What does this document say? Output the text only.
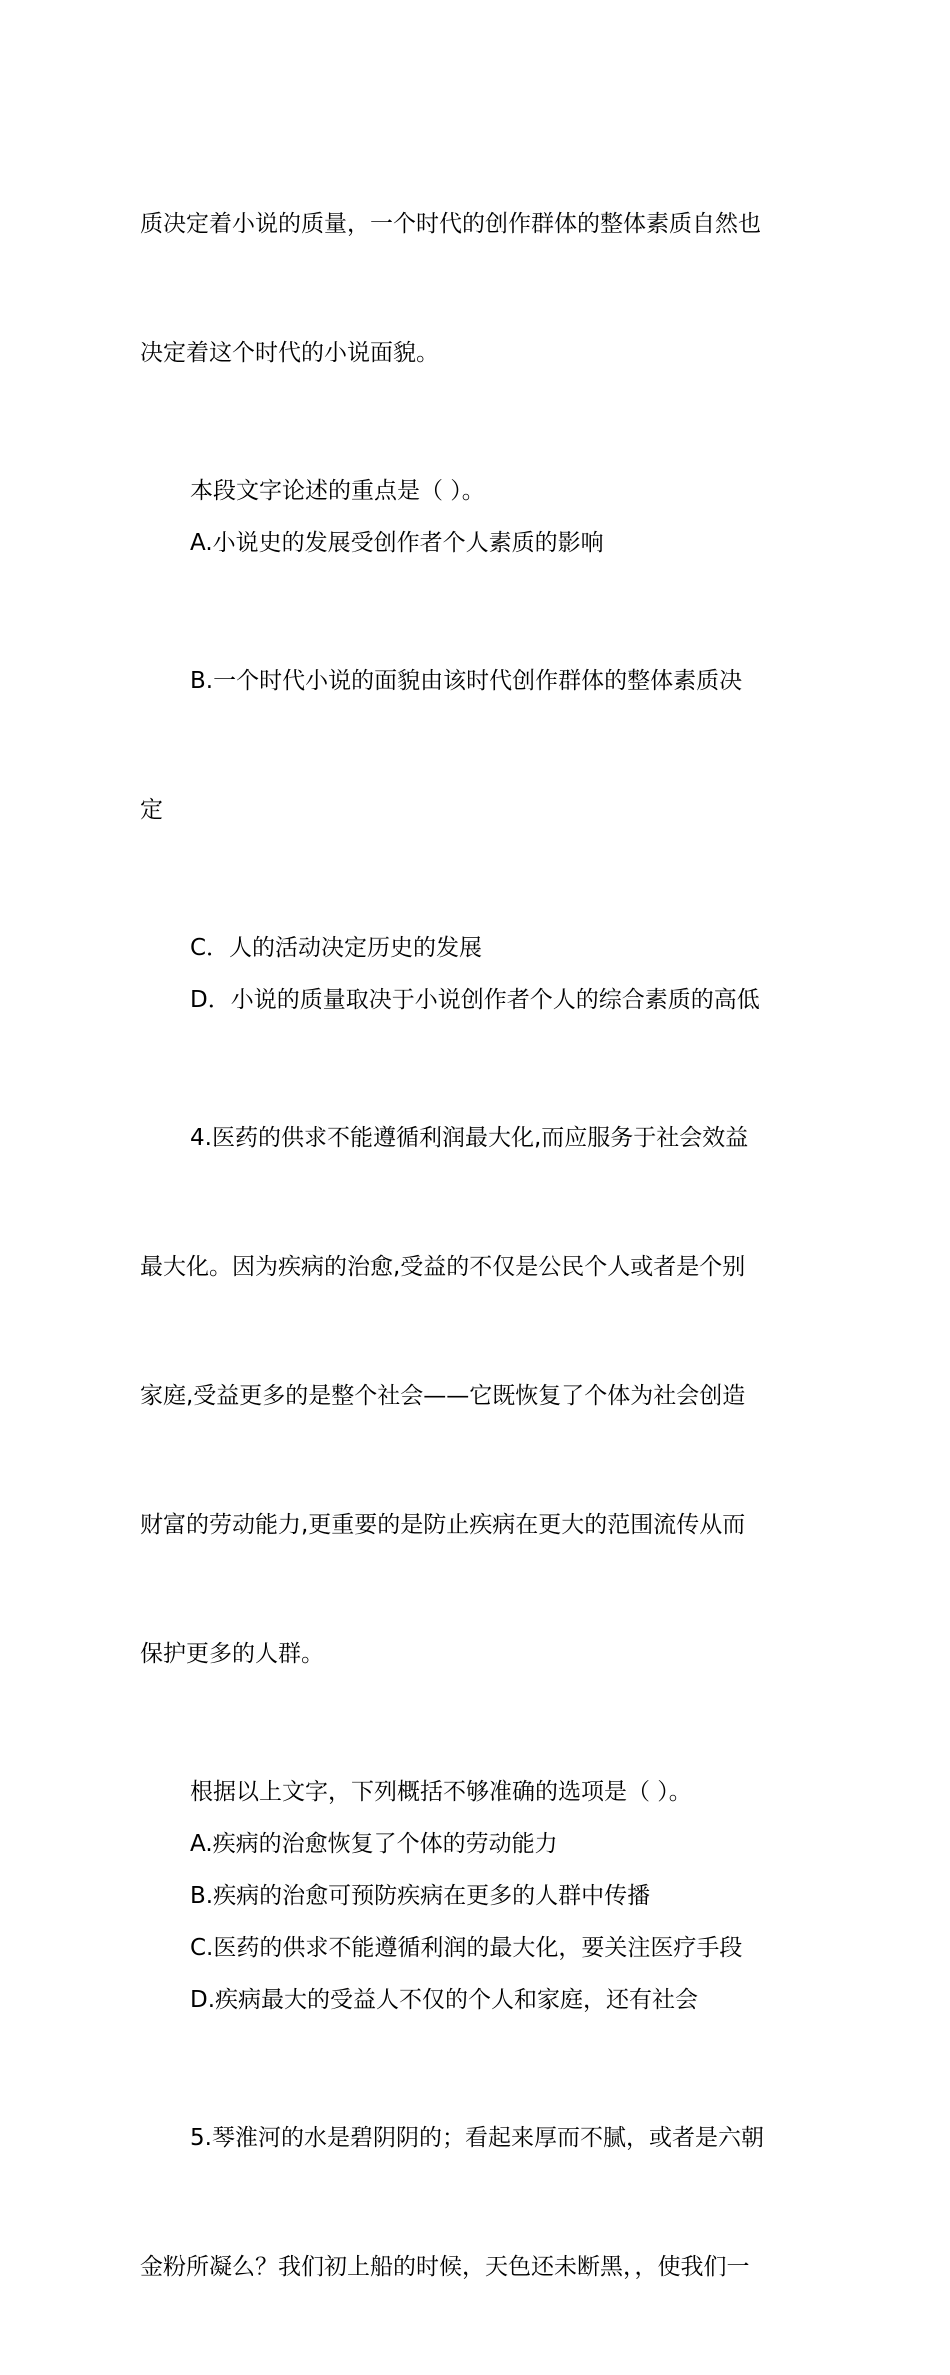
质决定着小说的质量，一个时代的创作群体的整体素质自然也

决定着这个时代的小说面貌。

本段文字论述的重点是（ ）。

A.小说史的发展受创作者个人素质的影响

B.一个时代小说的面貌由该时代创作群体的整体素质决

定

C．人的活动决定历史的发展

D．小说的质量取决于小说创作者个人的综合素质的高低

4.医药的供求不能遵循利润最大化,而应服务于社会效益

最大化。因为疾病的治愈,受益的不仅是公民个人或者是个别

家庭,受益更多的是整个社会——它既恢复了个体为社会创造

财富的劳动能力,更重要的是防止疾病在更大的范围流传从而

保护更多的人群。

根据以上文字，下列概括不够准确的选项是（ ）。

A.疾病的治愈恢复了个体的劳动能力

B.疾病的治愈可预防疾病在更多的人群中传播

C.医药的供求不能遵循利润的最大化，要关注医疗手段

D.疾病最大的受益人不仅的个人和家庭，还有社会

5.琴淮河的水是碧阴阴的；看起来厚而不腻，或者是六朝

金粉所凝么？我们初上船的时候，天色还未断黑，，使我们一
